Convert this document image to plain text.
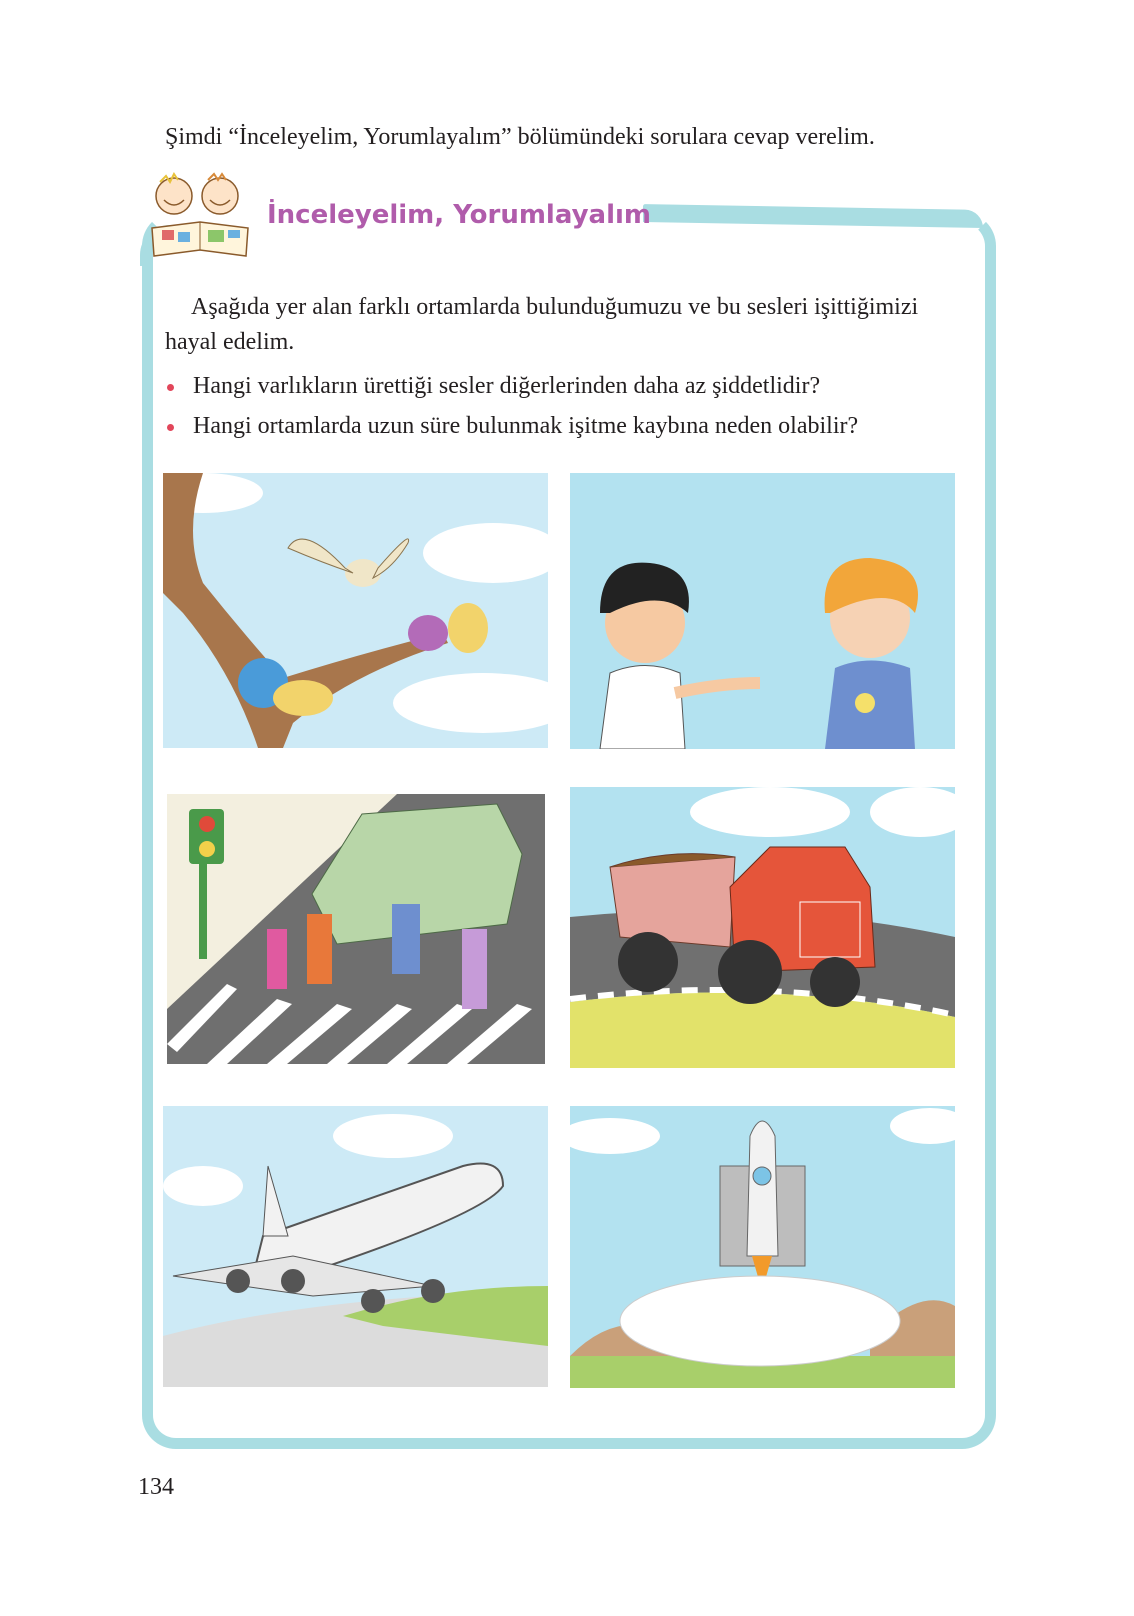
Şimdi “İnceleyelim, Yorumlayalım” bölümündeki sorulara cevap verelim.
İnceleyelim, Yorumlayalım

Aşağıda yer alan farklı ortamlarda bulunduğumuzu ve bu sesleri işittiğimizi hayal edelim.

Hangi varlıkların ürettiği sesler diğerlerinden daha az şiddetlidir?
Hangi ortamlarda uzun süre bulunmak işitme kaybına neden olabilir?
134
